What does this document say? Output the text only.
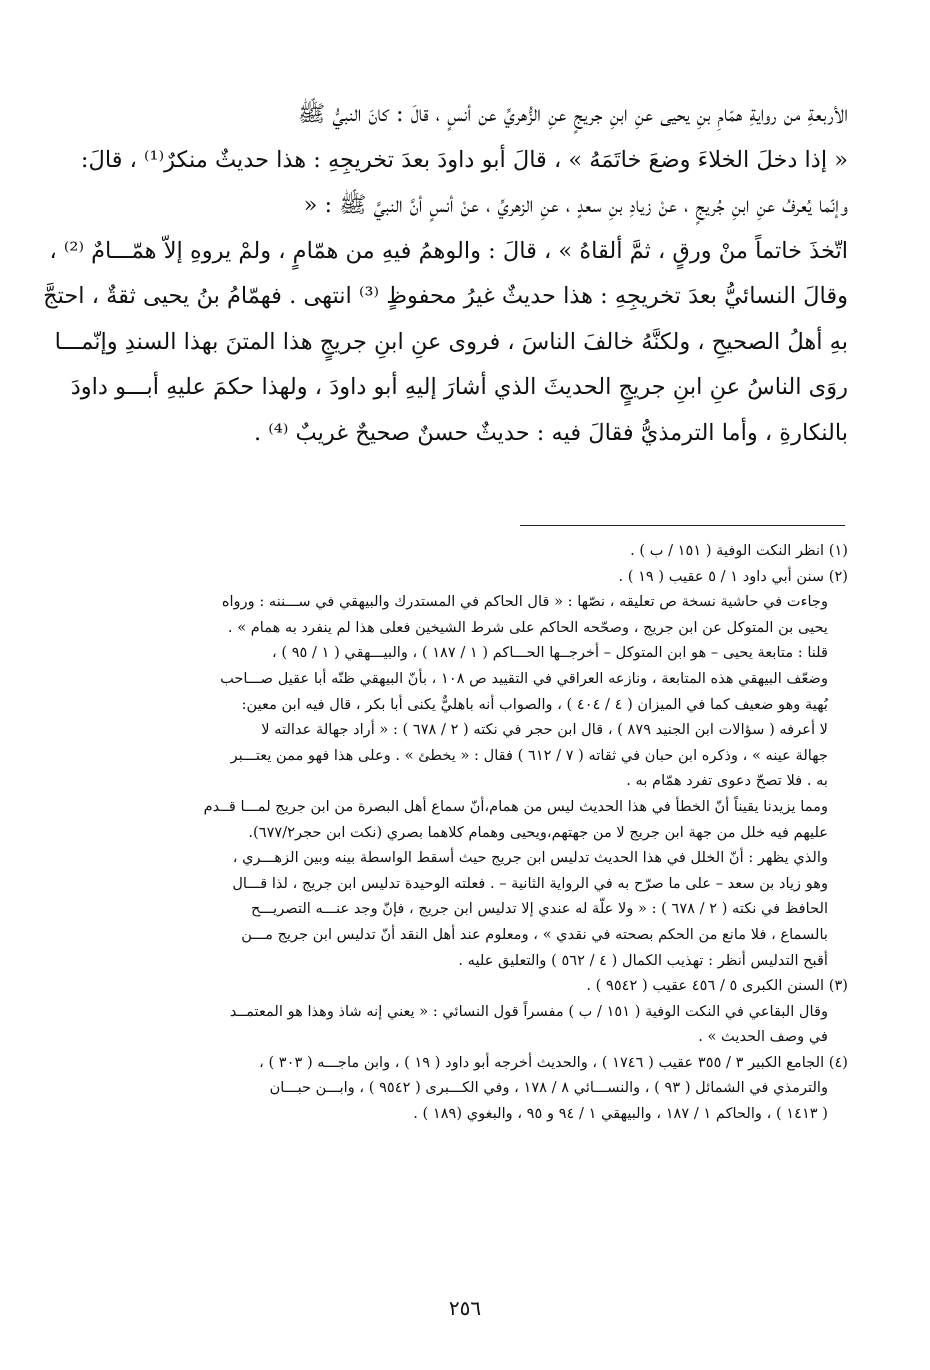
الأربعةِ من روايةِ همّامِ بنِ يحيى عنِ ابنِ جريجٍ عنِ الزُّهريِّ عن أنسٍ ، قالَ : كانَ النبيُّ ﷺ

« إذا دخلَ الخلاءَ وضعَ خاتَمَهُ » ، قالَ أبو داودَ بعدَ تخريجِهِ : هذا حديثٌ منكرٌ⁽¹⁾ ، قالَ:

وإنّما يُعرفُ عنِ ابنِ جُريجٍ ، عنْ زيادِ بنِ سعدٍ ، عنِ الزهريِّ ، عنْ أنسٍ أنَّ النبيَّ ﷺ : «

اتّخذَ خاتماً منْ ورقٍ ، ثمَّ ألقاهُ » ، قالَ : والوهمُ فيهِ من همّامٍ ، ولمْ يروهِ إلاّ همّـــامٌ ⁽²⁾ ،

وقالَ النسائيُّ بعدَ تخريجِهِ : هذا حديثٌ غيرُ محفوظٍ ⁽³⁾ انتهى . فهمّامُ بنُ يحيى ثقةٌ ، احتجَّ

بهِ أهلُ الصحيحِ ، ولكنَّهُ خالفَ الناسَ ، فروى عنِ ابنِ جريجٍ هذا المتنَ بهذا السندِ وإنّمـــا

روَى الناسُ عنِ ابنِ جريجٍ الحديثَ الذي أشارَ إليهِ أبو داودَ ، ولهذا حكمَ عليهِ أبـــو داودَ

بالنكارةِ ، وأما الترمذيُّ فقالَ فيه : حديثٌ حسنٌ صحيحٌ غريبٌ ⁽⁴⁾ .

(١) انظر النكت الوفية ( ١٥١ / ب ) .

(٢) سنن أبي داود ١ / ٥ عقيب ( ١٩ ) .

وجاءت في حاشية نسخة ص تعليقه ، نصّها : « قال الحاكم في المستدرك والبيهقي في ســـننه : ورواه

يحيى بن المتوكل عن ابن جريج ، وصحّحه الحاكم على شرط الشيخين فعلى هذا لم ينفرد به همام » .

قلنا : متابعة يحيى – هو ابن المتوكل – أخرجــها الحـــاكم ( ١ / ١٨٧ ) ، والبيـــهقي ( ١ / ٩٥ ) ،

وضعّف البيهقي هذه المتابعة ، ونازعه العراقي في التقييد ص ١٠٨ ، بأنّ البيهقي ظنّه أبا عقيل صـــاحب

بُهية وهو ضعيف كما في الميزان ( ٤ / ٤٠٤ ) ، والصواب أنه باهليٌّ يكنى أبا بكر ، قال فيه ابن معين:

لا أعرفه ( سؤالات ابن الجنيد ٨٧٩ ) ، قال ابن حجر في نكته ( ٢ / ٦٧٨ ) : « أراد جهالة عدالته لا

جهالة عينه » ، وذكره ابن حبان في ثقاته ( ٧ / ٦١٢ ) فقال : « يخطئ » . وعلى هذا فهو ممن يعتـــبر

به . فلا تصحّ دعوى تفرد همّام به .

ومما يزيدنا يقيناً أنّ الخطأ في هذا الحديث ليس من همام،أنّ سماع أهل البصرة من ابن جريج لمـــا قــدم

عليهم فيه خلل من جهة ابن جريج لا من جهتهم،ويحيى وهمام كلاهما بصري (نكت ابن حجر٦٧٧/٢).

والذي يظهر : أنّ الخلل في هذا الحديث تدليس ابن جريج حيث أسقط الواسطة بينه وبين الزهـــري ،

وهو زياد بن سعد – على ما صرّح به في الرواية الثانية – . فعلته الوحيدة تدليس ابن جريج ، لذا قـــال

الحافظ في نكته ( ٢ / ٦٧٨ ) : « ولا علّة له عندي إلا تدليس ابن جريج ، فإنّ وجد عنـــه التصريـــح

بالسماع ، فلا مانع من الحكم بصحته في نقدي » ، ومعلوم عند أهل النقد أنّ تدليس ابن جريج مـــن

أقبح التدليس أنظر : تهذيب الكمال ( ٤ / ٥٦٢ ) والتعليق عليه .

(٣) السنن الكبرى ٥ / ٤٥٦ عقيب ( ٩٥٤٢ ) .

وقال البقاعي في النكت الوفية ( ١٥١ / ب ) مفسراً قول النسائي : « يعني إنه شاذ وهذا هو المعتمــد

في وصف الحديث » .

(٤) الجامع الكبير ٣ / ٣٥٥ عقيب ( ١٧٤٦ ) ، والحديث أخرجه أبو داود ( ١٩ ) ، وابن ماجـــه ( ٣٠٣ ) ،

والترمذي في الشمائل ( ٩٣ ) ، والنســـائي ٨ / ١٧٨ ، وفي الكـــبرى ( ٩٥٤٢ ) ، وابـــن حبـــان

( ١٤١٣ ) ، والحاكم ١ / ١٨٧ ، والبيهقي ١ / ٩٤ و ٩٥ ، والبغوي (١٨٩ ) .

٢٥٦
